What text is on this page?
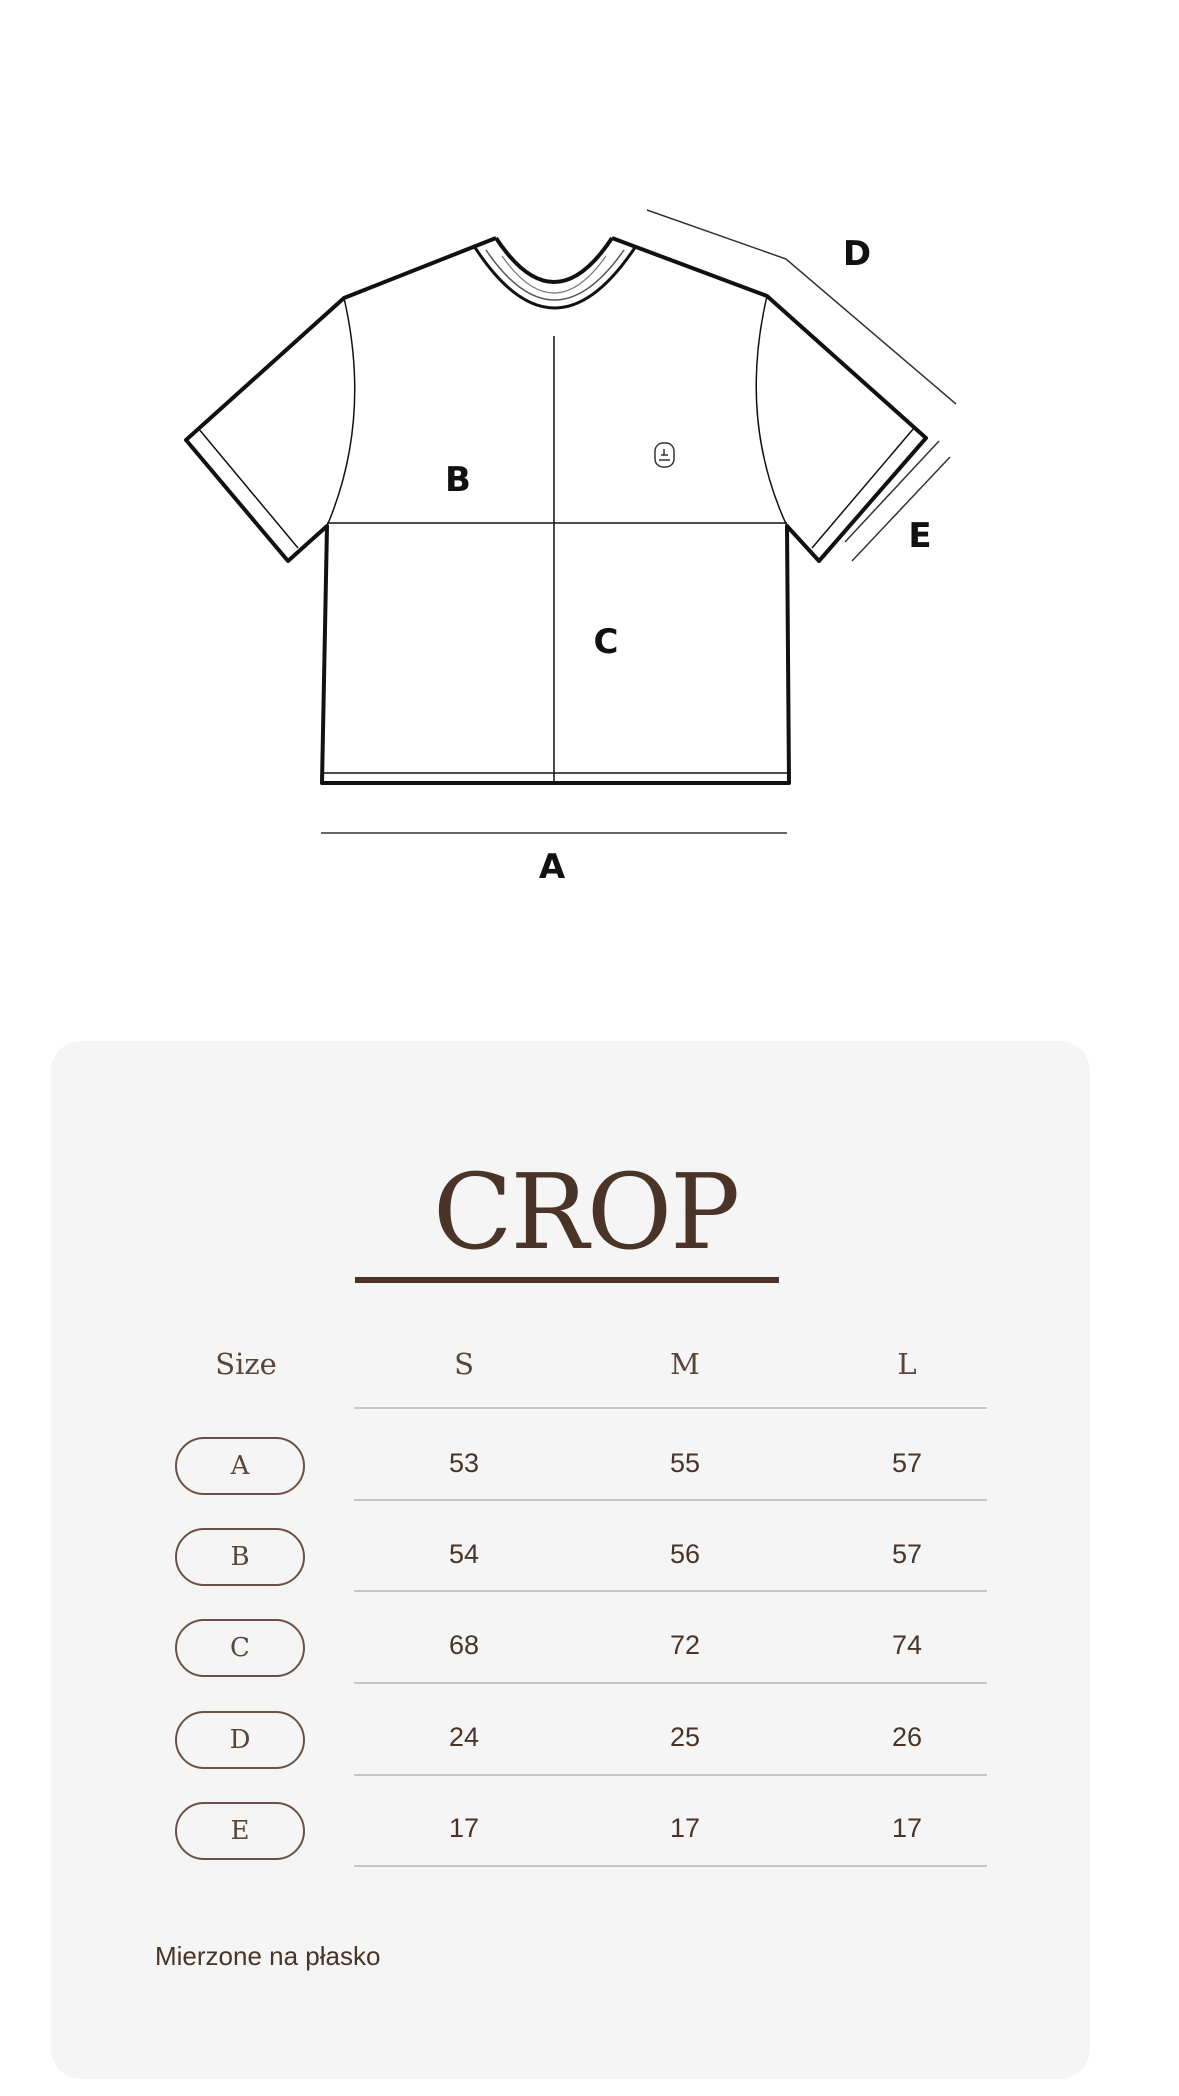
A
B
C
D
E
CROP
Size	S	M	L
A	53	55	57
B	54	56	57
C	68	72	74
D	24	25	26
E	17	17	17
Mierzone na płasko
